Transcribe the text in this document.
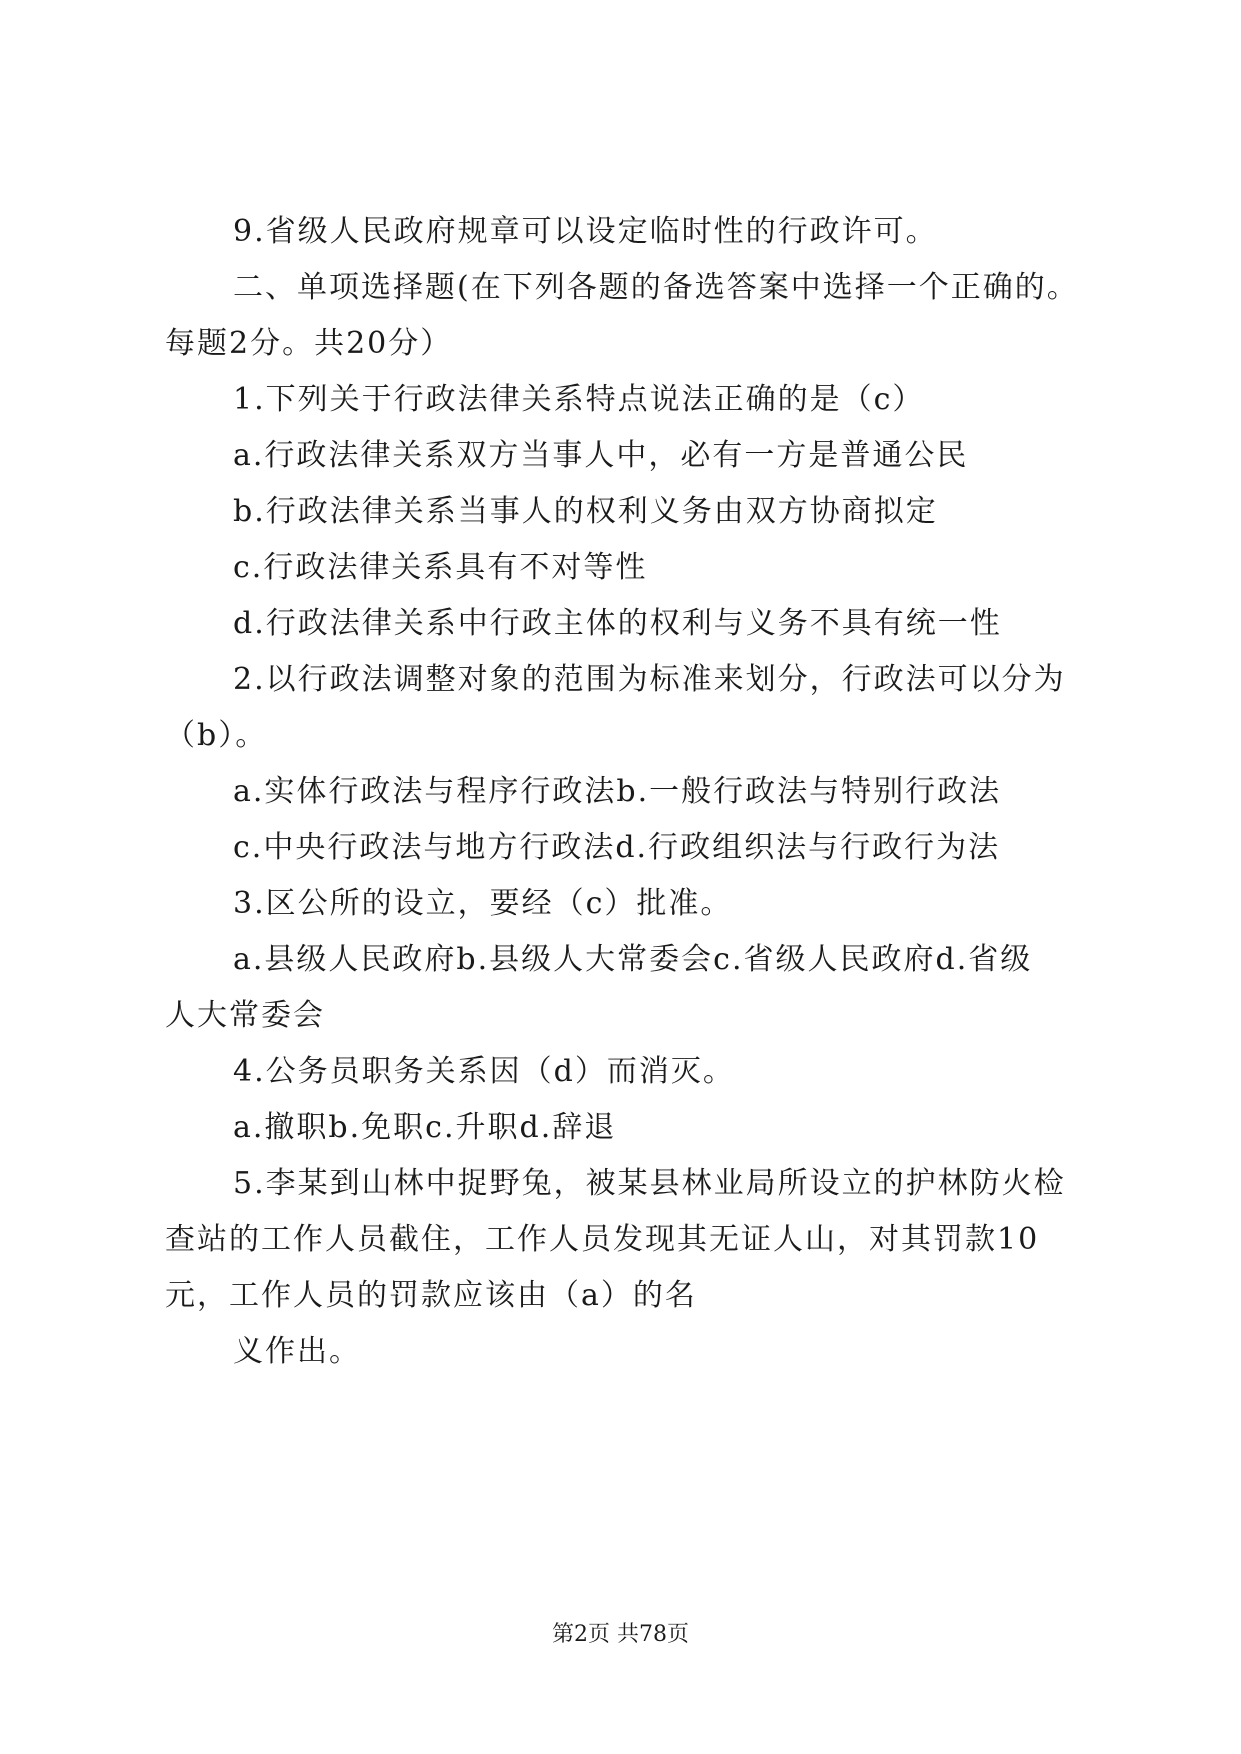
9.省级人民政府规章可以设定临时性的行政许可。
二、单项选择题(在下列各题的备选答案中选择一个正确的。
每题2分。共20分）
1.下列关于行政法律关系特点说法正确的是（c）
a.行政法律关系双方当事人中，必有一方是普通公民
b.行政法律关系当事人的权利义务由双方协商拟定
c.行政法律关系具有不对等性
d.行政法律关系中行政主体的权利与义务不具有统一性
2.以行政法调整对象的范围为标准来划分，行政法可以分为
（b）。
a.实体行政法与程序行政法b.一般行政法与特别行政法
c.中央行政法与地方行政法d.行政组织法与行政行为法
3.区公所的设立，要经（c）批准。
a.县级人民政府b.县级人大常委会c.省级人民政府d.省级
人大常委会
4.公务员职务关系因（d）而消灭。
a.撤职b.免职c.升职d.辞退
5.李某到山林中捉野兔，被某县林业局所设立的护林防火检
查站的工作人员截住，工作人员发现其无证人山，对其罚款10
元，工作人员的罚款应该由（a）的名
义作出。
第2页 共78页
